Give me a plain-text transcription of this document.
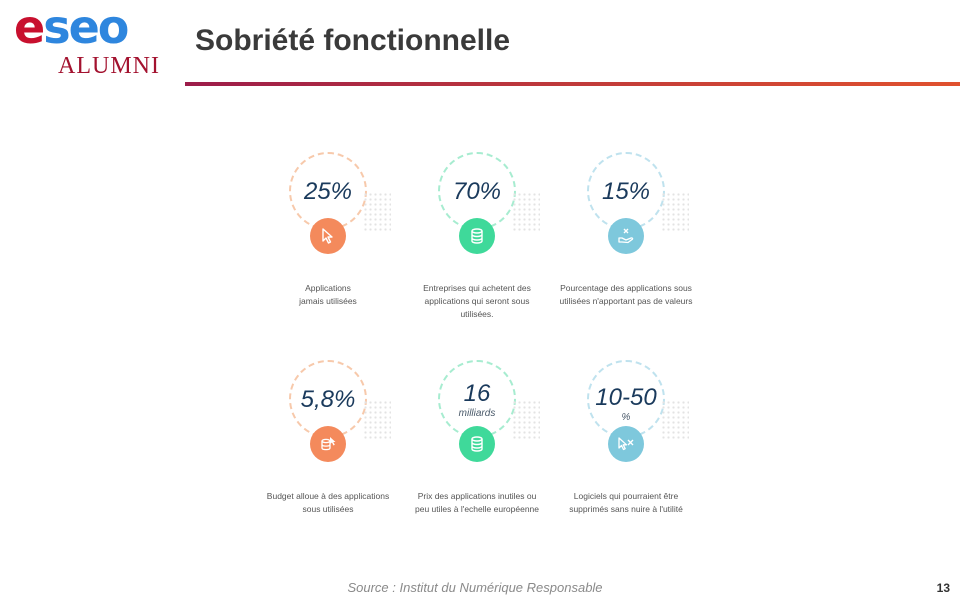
eseo
ALUMNI
Sobriété fonctionnelle
25%
Applications
jamais utilisées
70%
Entreprises qui achetent des
applications qui seront sous
utilisées.
15%
Pourcentage des applications sous
utilisées n'apportant pas de valeurs
5,8%
Budget alloue à des applications
sous utilisées
16
milliards
Prix des applications inutiles ou
peu utiles à l'echelle européenne
10-50
%
Logiciels qui pourraient être
supprimés sans nuire à l'utilité
Source : Institut du Numérique Responsable	13
